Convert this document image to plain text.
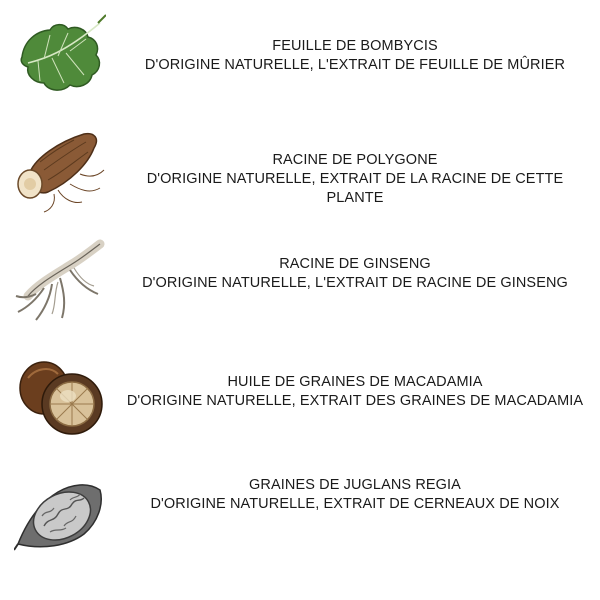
FEUILLE DE BOMBYCIS
D'ORIGINE NATURELLE, L'EXTRAIT DE FEUILLE DE MÛRIER
RACINE DE POLYGONE
D'ORIGINE NATURELLE, EXTRAIT DE LA RACINE DE CETTE PLANTE
RACINE DE GINSENG
D'ORIGINE NATURELLE, L'EXTRAIT DE RACINE DE GINSENG
HUILE DE GRAINES DE MACADAMIA
D'ORIGINE NATURELLE, EXTRAIT DES GRAINES DE MACADAMIA
GRAINES DE JUGLANS REGIA
D'ORIGINE NATURELLE, EXTRAIT DE CERNEAUX DE NOIX
